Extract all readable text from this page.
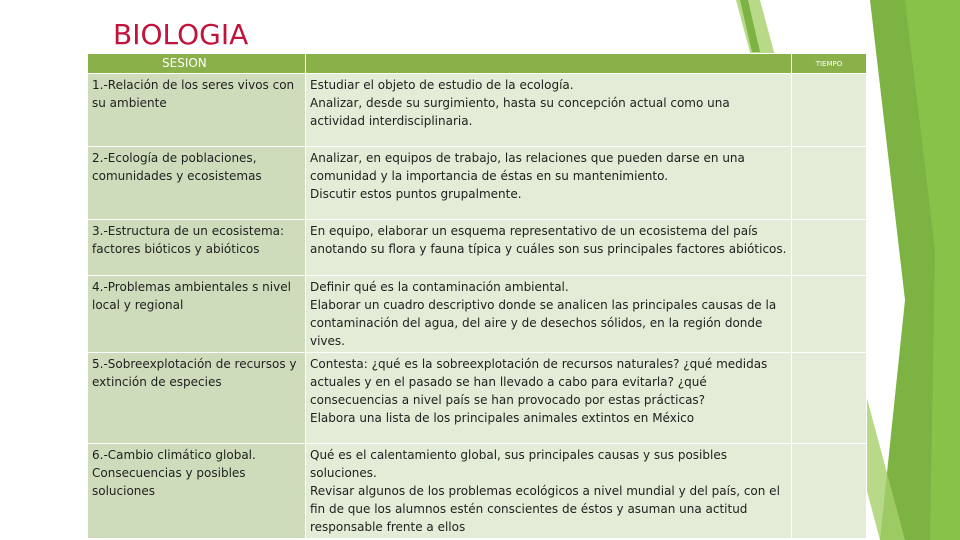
BIOLOGIA
SESION		TIEMPO
1.-Relación de los seres vivos con su ambiente	Estudiar el objeto de estudio de la ecología.
Analizar, desde su surgimiento, hasta su concepción actual como una actividad interdisciplinaria.	
2.-Ecología de poblaciones, comunidades y ecosistemas	Analizar, en equipos de trabajo, las relaciones que pueden darse en una comunidad y la importancia de éstas en su mantenimiento.
Discutir estos puntos grupalmente.	
3.-Estructura de un ecosistema: factores bióticos y abióticos	En equipo, elaborar un esquema representativo de un ecosistema del país anotando su flora y fauna típica y cuáles son sus principales factores abióticos.	
4.-Problemas ambientales s nivel local y regional	Definir qué es la contaminación ambiental.
Elaborar un cuadro descriptivo donde se analicen las principales causas de la contaminación del agua, del aire y de desechos sólidos, en la región donde vives.	
5.-Sobreexplotación de recursos y extinción de especies	Contesta: ¿qué es la sobreexplotación de recursos naturales? ¿qué medidas actuales y en el pasado se han llevado a cabo para evitarla? ¿qué consecuencias a nivel país se han provocado por estas prácticas?
Elabora una lista de los principales animales extintos en México	
6.-Cambio climático global. Consecuencias y posibles soluciones	Qué es el calentamiento global, sus principales causas y sus posibles soluciones.
Revisar algunos de los problemas ecológicos a nivel mundial y del país, con el fin de que los alumnos estén conscientes de éstos y asuman una actitud responsable frente a ellos	
